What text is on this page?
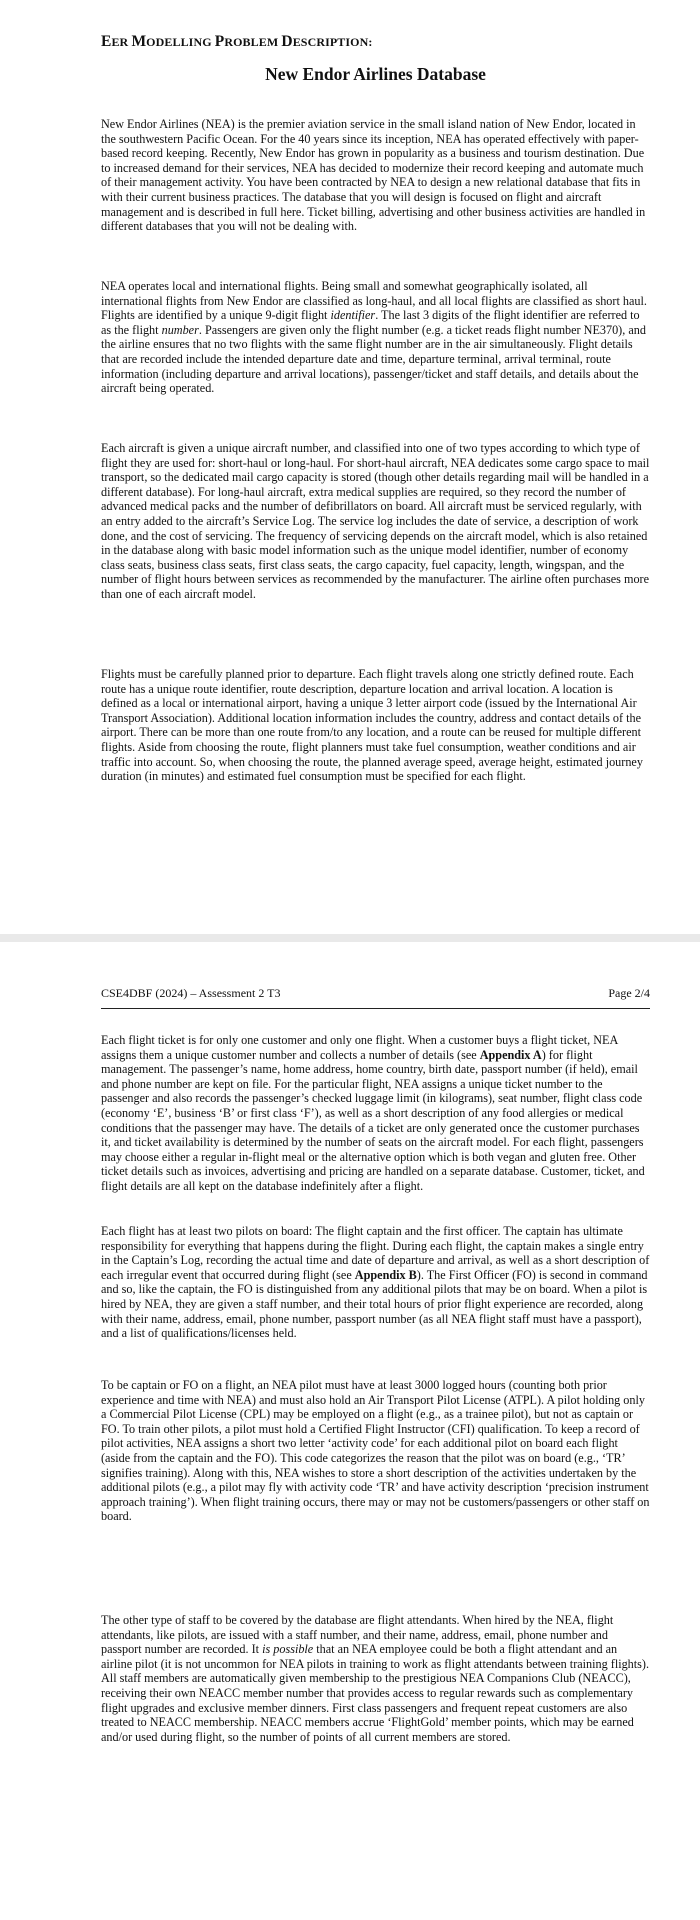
EER MODELLING PROBLEM DESCRIPTION:
New Endor Airlines Database

New Endor Airlines (NEA) is the premier aviation service in the small island nation of New Endor, located in the southwestern Pacific Ocean. For the 40 years since its inception, NEA has operated effectively with paper-based record keeping. Recently, New Endor has grown in popularity as a business and tourism destination. Due to increased demand for their services, NEA has decided to modernize their record keeping and automate much of their management activity. You have been contracted by NEA to design a new relational database that fits in with their current business practices. The database that you will design is focused on flight and aircraft management and is described in full here. Ticket billing, advertising and other business activities are handled in different databases that you will not be dealing with.

NEA operates local and international flights. Being small and somewhat geographically isolated, all international flights from New Endor are classified as long-haul, and all local flights are classified as short haul. Flights are identified by a unique 9-digit flight identifier. The last 3 digits of the flight identifier are referred to as the flight number. Passengers are given only the flight number (e.g. a ticket reads flight number NE370), and the airline ensures that no two flights with the same flight number are in the air simultaneously. Flight details that are recorded include the intended departure date and time, departure terminal, arrival terminal, route information (including departure and arrival locations), passenger/ticket and staff details, and details about the aircraft being operated.

Each aircraft is given a unique aircraft number, and classified into one of two types according to which type of flight they are used for: short-haul or long-haul. For short-haul aircraft, NEA dedicates some cargo space to mail transport, so the dedicated mail cargo capacity is stored (though other details regarding mail will be handled in a different database). For long-haul aircraft, extra medical supplies are required, so they record the number of advanced medical packs and the number of defibrillators on board. All aircraft must be serviced regularly, with an entry added to the aircraft’s Service Log. The service log includes the date of service, a description of work done, and the cost of servicing. The frequency of servicing depends on the aircraft model, which is also retained in the database along with basic model information such as the unique model identifier, number of economy class seats, business class seats, first class seats, the cargo capacity, fuel capacity, length, wingspan, and the number of flight hours between services as recommended by the manufacturer. The airline often purchases more than one of each aircraft model.

Flights must be carefully planned prior to departure. Each flight travels along one strictly defined route. Each route has a unique route identifier, route description, departure location and arrival location. A location is defined as a local or international airport, having a unique 3 letter airport code (issued by the International Air Transport Association). Additional location information includes the country, address and contact details of the airport. There can be more than one route from/to any location, and a route can be reused for multiple different flights. Aside from choosing the route, flight planners must take fuel consumption, weather conditions and air traffic into account. So, when choosing the route, the planned average speed, average height, estimated journey duration (in minutes) and estimated fuel consumption must be specified for each flight.

CSE4DBF (2024) – Assessment 2 T3	Page 2/4

Each flight ticket is for only one customer and only one flight. When a customer buys a flight ticket, NEA assigns them a unique customer number and collects a number of details (see Appendix A) for flight management. The passenger’s name, home address, home country, birth date, passport number (if held), email and phone number are kept on file. For the particular flight, NEA assigns a unique ticket number to the passenger and also records the passenger’s checked luggage limit (in kilograms), seat number, flight class code (economy ‘E’, business ‘B’ or first class ‘F’), as well as a short description of any food allergies or medical conditions that the passenger may have. The details of a ticket are only generated once the customer purchases it, and ticket availability is determined by the number of seats on the aircraft model. For each flight, passengers may choose either a regular in-flight meal or the alternative option which is both vegan and gluten free. Other ticket details such as invoices, advertising and pricing are handled on a separate database. Customer, ticket, and flight details are all kept on the database indefinitely after a flight.

Each flight has at least two pilots on board: The flight captain and the first officer. The captain has ultimate responsibility for everything that happens during the flight. During each flight, the captain makes a single entry in the Captain’s Log, recording the actual time and date of departure and arrival, as well as a short description of each irregular event that occurred during flight (see Appendix B). The First Officer (FO) is second in command and so, like the captain, the FO is distinguished from any additional pilots that may be on board. When a pilot is hired by NEA, they are given a staff number, and their total hours of prior flight experience are recorded, along with their name, address, email, phone number, passport number (as all NEA flight staff must have a passport), and a list of qualifications/licenses held.

To be captain or FO on a flight, an NEA pilot must have at least 3000 logged hours (counting both prior experience and time with NEA) and must also hold an Air Transport Pilot License (ATPL). A pilot holding only a Commercial Pilot License (CPL) may be employed on a flight (e.g., as a trainee pilot), but not as captain or FO. To train other pilots, a pilot must hold a Certified Flight Instructor (CFI) qualification. To keep a record of pilot activities, NEA assigns a short two letter ‘activity code’ for each additional pilot on board each flight (aside from the captain and the FO). This code categorizes the reason that the pilot was on board (e.g., ‘TR’ signifies training). Along with this, NEA wishes to store a short description of the activities undertaken by the additional pilots (e.g., a pilot may fly with activity code ‘TR’ and have activity description ‘precision instrument approach training’). When flight training occurs, there may or may not be customers/passengers or other staff on board.

The other type of staff to be covered by the database are flight attendants. When hired by the NEA, flight attendants, like pilots, are issued with a staff number, and their name, address, email, phone number and passport number are recorded. It is possible that an NEA employee could be both a flight attendant and an airline pilot (it is not uncommon for NEA pilots in training to work as flight attendants between training flights). All staff members are automatically given membership to the prestigious NEA Companions Club (NEACC), receiving their own NEACC member number that provides access to regular rewards such as complementary flight upgrades and exclusive member dinners. First class passengers and frequent repeat customers are also treated to NEACC membership. NEACC members accrue ‘FlightGold’ member points, which may be earned and/or used during flight, so the number of points of all current members are stored.
